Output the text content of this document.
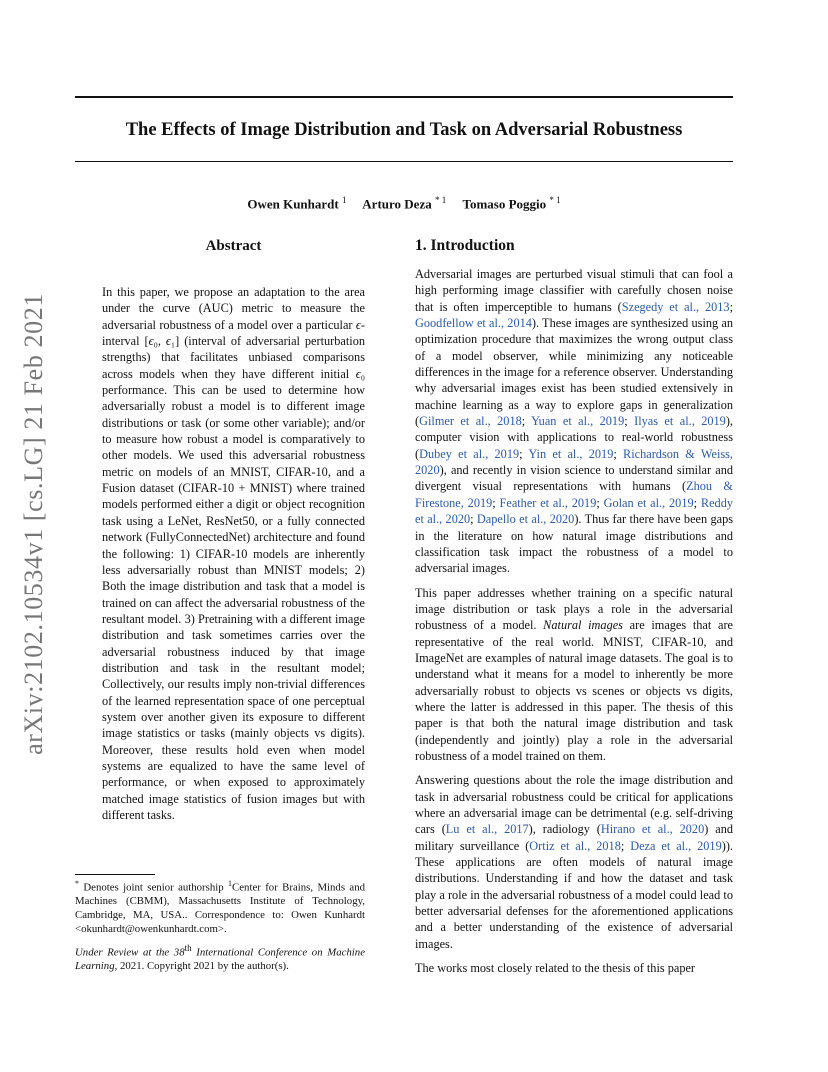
The Effects of Image Distribution and Task on Adversarial Robustness
Owen Kunhardt $^1$ Arturo Deza $^{* 1}$ Tomaso Poggio $^{* 1}$
arXiv:2102.10534v1 [cs.LG] 21 Feb 2021
Abstract

In this paper, we propose an adaptation to the area under the curve (AUC) metric to measure the adversarial robustness of a model over a particular ϵ-interval [ϵ₀, ϵ₁] (interval of adversarial perturbation strengths) that facilitates unbiased comparisons across models when they have different initial ϵ₀ performance. This can be used to determine how adversarially robust a model is to different image distributions or task (or some other variable); and/or to measure how robust a model is comparatively to other models. We used this adversarial robustness metric on models of an MNIST, CIFAR-10, and a Fusion dataset (CIFAR-10 + MNIST) where trained models performed either a digit or object recognition task using a LeNet, ResNet50, or a fully connected network (FullyConnectedNet) architecture and found the following: 1) CIFAR-10 models are inherently less adversarially robust than MNIST models; 2) Both the image distribution and task that a model is trained on can affect the adversarial robustness of the resultant model. 3) Pretraining with a different image distribution and task sometimes carries over the adversarial robustness induced by that image distribution and task in the resultant model; Collectively, our results imply non-trivial differences of the learned representation space of one perceptual system over another given its exposure to different image statistics or tasks (mainly objects vs digits). Moreover, these results hold even when model systems are equalized to have the same level of performance, or when exposed to approximately matched image statistics of fusion images but with different tasks.

* Denotes joint senior authorship $^1$Center for Brains, Minds and Machines (CBMM), Massachusetts Institute of Technology, Cambridge, MA, USA.. Correspondence to: Owen Kunhardt <okunhardt@owenkunhardt.com>.
Under Review at the 38th International Conference on Machine Learning, 2021. Copyright 2021 by the author(s).
1. Introduction

Adversarial images are perturbed visual stimuli that can fool a high performing image classifier with carefully chosen noise that is often imperceptible to humans (Szegedy et al., 2013; Goodfellow et al., 2014). These images are synthesized using an optimization procedure that maximizes the wrong output class of a model observer, while minimizing any noticeable differences in the image for a reference observer. Understanding why adversarial images exist has been studied extensively in machine learning as a way to explore gaps in generalization (Gilmer et al., 2018; Yuan et al., 2019; Ilyas et al., 2019), computer vision with applications to real-world robustness (Dubey et al., 2019; Yin et al., 2019; Richardson & Weiss, 2020), and recently in vision science to understand similar and divergent visual representations with humans (Zhou & Firestone, 2019; Feather et al., 2019; Golan et al., 2019; Reddy et al., 2020; Dapello et al., 2020). Thus far there have been gaps in the literature on how natural image distributions and classification task impact the robustness of a model to adversarial images.

This paper addresses whether training on a specific natural image distribution or task plays a role in the adversarial robustness of a model. Natural images are images that are representative of the real world. MNIST, CIFAR-10, and ImageNet are examples of natural image datasets. The goal is to understand what it means for a model to inherently be more adversarially robust to objects vs scenes or objects vs digits, where the latter is addressed in this paper. The thesis of this paper is that both the natural image distribution and task (independently and jointly) play a role in the adversarial robustness of a model trained on them.

Answering questions about the role the image distribution and task in adversarial robustness could be critical for applications where an adversarial image can be detrimental (e.g. self-driving cars (Lu et al., 2017), radiology (Hirano et al., 2020) and military surveillance (Ortiz et al., 2018; Deza et al., 2019)). These applications are often models of natural image distributions. Understanding if and how the dataset and task play a role in the adversarial robustness of a model could lead to better adversarial defenses for the aforementioned applications and a better understanding of the existence of adversarial images.

The works most closely related to the thesis of this paper
